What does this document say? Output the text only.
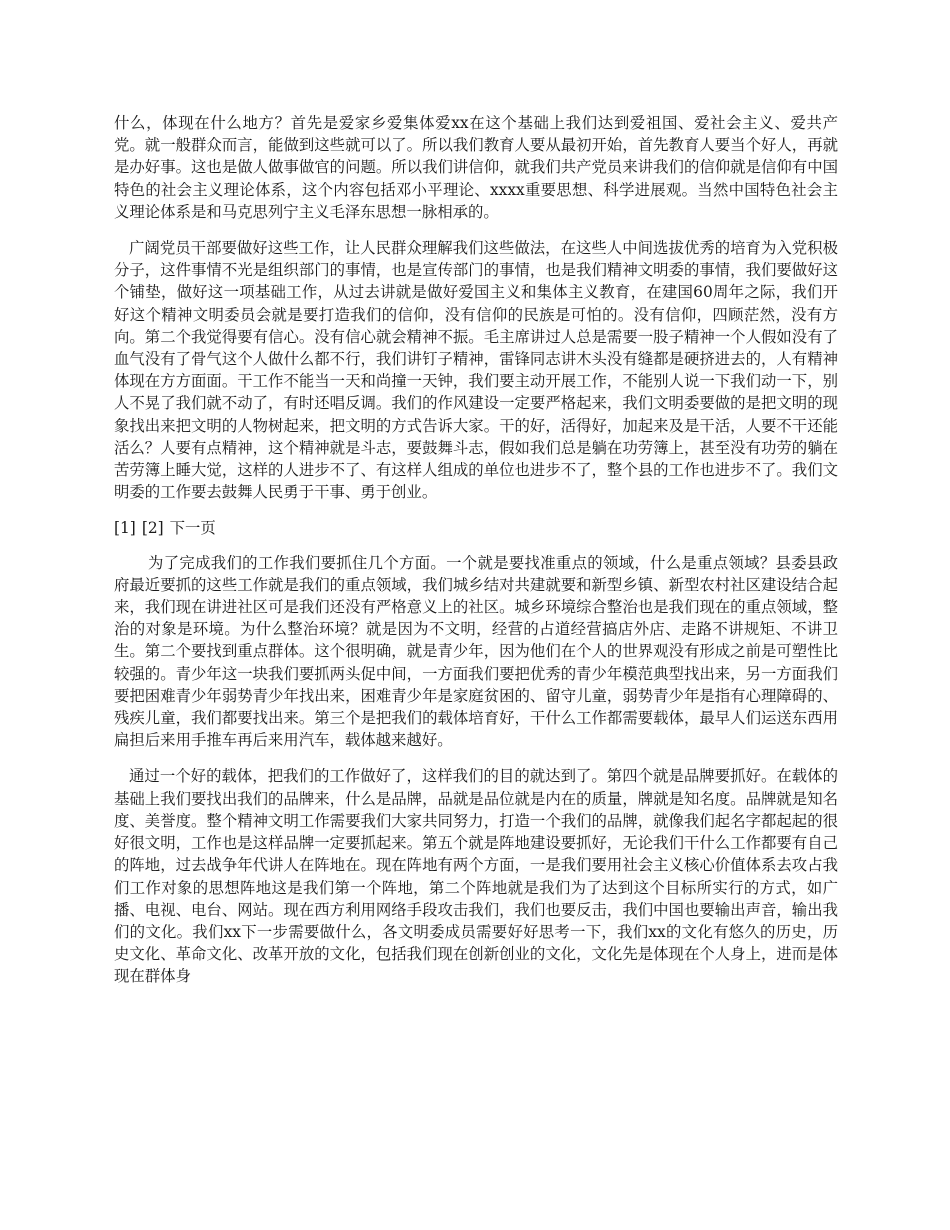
什么，体现在什么地方？首先是爱家乡爱集体爱xx在这个基础上我们达到爱祖国、爱社会主义、爱共产党。就一般群众而言，能做到这些就可以了。所以我们教育人要从最初开始，首先教育人要当个好人，再就是办好事。这也是做人做事做官的问题。所以我们讲信仰，就我们共产党员来讲我们的信仰就是信仰有中国特色的社会主义理论体系，这个内容包括邓小平理论、xxxx重要思想、科学进展观。当然中国特色社会主义理论体系是和马克思列宁主义毛泽东思想一脉相承的。

广阔党员干部要做好这些工作，让人民群众理解我们这些做法，在这些人中间选拔优秀的培育为入党积极分子，这件事情不光是组织部门的事情，也是宣传部门的事情，也是我们精神文明委的事情，我们要做好这个铺垫，做好这一项基础工作，从过去讲就是做好爱国主义和集体主义教育，在建国60周年之际，我们开好这个精神文明委员会就是要打造我们的信仰，没有信仰的民族是可怕的。没有信仰，四顾茫然，没有方向。第二个我觉得要有信心。没有信心就会精神不振。毛主席讲过人总是需要一股子精神一个人假如没有了血气没有了骨气这个人做什么都不行，我们讲钉子精神，雷锋同志讲木头没有缝都是硬挤进去的，人有精神体现在方方面面。干工作不能当一天和尚撞一天钟，我们要主动开展工作，不能别人说一下我们动一下，别人不晃了我们就不动了，有时还唱反调。我们的作风建设一定要严格起来，我们文明委要做的是把文明的现象找出来把文明的人物树起来，把文明的方式告诉大家。干的好，活得好，加起来及是干活，人要不干还能活么？人要有点精神，这个精神就是斗志，要鼓舞斗志，假如我们总是躺在功劳簿上，甚至没有功劳的躺在苦劳簿上睡大觉，这样的人进步不了、有这样人组成的单位也进步不了，整个县的工作也进步不了。我们文明委的工作要去鼓舞人民勇于干事、勇于创业。

[1] [2] 下一页

为了完成我们的工作我们要抓住几个方面。一个就是要找准重点的领域，什么是重点领域？县委县政府最近要抓的这些工作就是我们的重点领域，我们城乡结对共建就要和新型乡镇、新型农村社区建设结合起来，我们现在讲进社区可是我们还没有严格意义上的社区。城乡环境综合整治也是我们现在的重点领域，整治的对象是环境。为什么整治环境？就是因为不文明，经营的占道经营搞店外店、走路不讲规矩、不讲卫生。第二个要找到重点群体。这个很明确，就是青少年，因为他们在个人的世界观没有形成之前是可塑性比较强的。青少年这一块我们要抓两头促中间，一方面我们要把优秀的青少年模范典型找出来，另一方面我们要把困难青少年弱势青少年找出来，困难青少年是家庭贫困的、留守儿童，弱势青少年是指有心理障碍的、残疾儿童，我们都要找出来。第三个是把我们的载体培育好，干什么工作都需要载体，最早人们运送东西用扁担后来用手推车再后来用汽车，载体越来越好。

通过一个好的载体，把我们的工作做好了，这样我们的目的就达到了。第四个就是品牌要抓好。在载体的基础上我们要找出我们的品牌来，什么是品牌，品就是品位就是内在的质量，牌就是知名度。品牌就是知名度、美誉度。整个精神文明工作需要我们大家共同努力，打造一个我们的品牌，就像我们起名字都起起的很好很文明，工作也是这样品牌一定要抓起来。第五个就是阵地建设要抓好，无论我们干什么工作都要有自己的阵地，过去战争年代讲人在阵地在。现在阵地有两个方面，一是我们要用社会主义核心价值体系去攻占我们工作对象的思想阵地这是我们第一个阵地，第二个阵地就是我们为了达到这个目标所实行的方式，如广播、电视、电台、网站。现在西方利用网络手段攻击我们，我们也要反击，我们中国也要输出声音，输出我们的文化。我们xx下一步需要做什么，各文明委成员需要好好思考一下，我们xx的文化有悠久的历史，历史文化、革命文化、改革开放的文化，包括我们现在创新创业的文化，文化先是体现在个人身上，进而是体现在群体身
